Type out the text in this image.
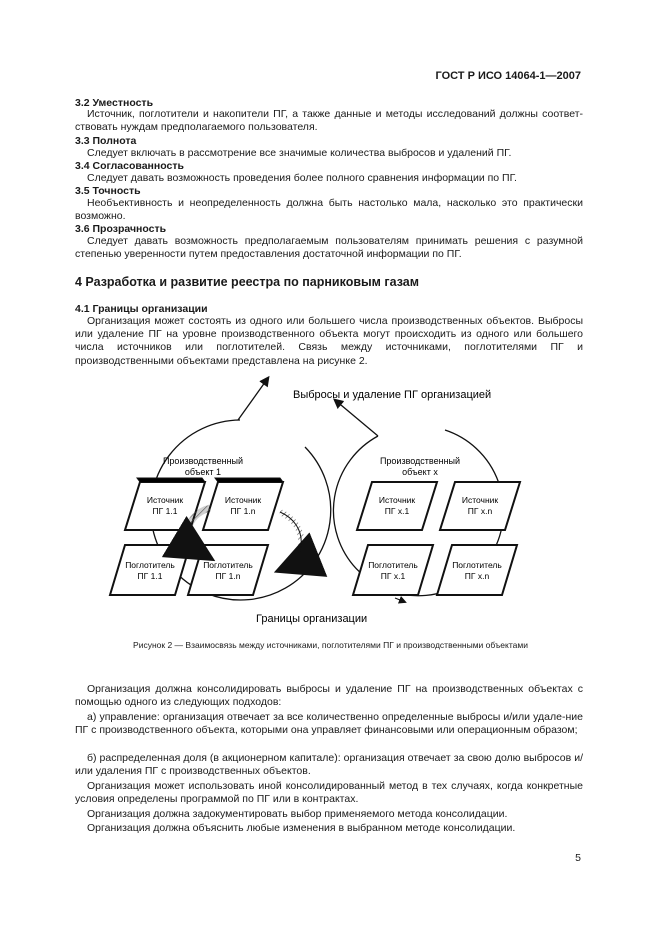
ГОСТ Р ИСО 14064-1—2007
3.2 Уместность

Источник, поглотители и накопители ПГ, а также данные и методы исследований должны соответ-ствовать нуждам предполагаемого пользователя.

3.3 Полнота

Следует включать в рассмотрение все значимые количества выбросов и удалений ПГ.

3.4 Согласованность

Следует давать возможность проведения более полного сравнения информации по ПГ.

3.5 Точность

Необъективность и неопределенность должна быть настолько мала, насколько это практически возможно.

3.6 Прозрачность

Следует давать возможность предполагаемым пользователям принимать решения с разумной степенью уверенности путем предоставления достаточной информации по ПГ.

4 Разработка и развитие реестра по парниковым газам
4.1 Границы организации

Организация может состоять из одного или большего числа производственных объектов. Выбросы или удаление ПГ на уровне производственного объекта могут происходить из одного или большего числа источников или поглотителей. Связь между источниками, поглотителями ПГ и производственными объектами представлена на рисунке 2.

Выбросы и удаление ПГ организацией
Производственный
объект 1
Производственный
объект x
Источник
ПГ 1.1
Источник
ПГ 1.n
Поглотитель
ПГ 1.1
Поглотитель
ПГ 1.n
Источник
ПГ x.1
Источник
ПГ x.n
Поглотитель
ПГ x.1
Поглотитель
ПГ x.n
Границы организации
Рисунок 2 — Взаимосвязь между источниками, поглотителями ПГ и производственными объектами

Организация должна консолидировать выбросы и удаление ПГ на производственных объектах с помощью одного из следующих подходов:

а) управление: организация отвечает за все количественно определенные выбросы и/или удале-ние ПГ с производственного объекта, которыми она управляет финансовыми или операционным образом;

б) распределенная доля (в акционерном капитале): организация отвечает за свою долю выбросов и/или удаления ПГ с производственных объектов.

Организация может использовать иной консолидированный метод в тех случаях, когда конкретные условия определены программой по ПГ или в контрактах.

Организация должна задокументировать выбор применяемого метода консолидации.

Организация должна объяснить любые изменения в выбранном методе консолидации.

5
